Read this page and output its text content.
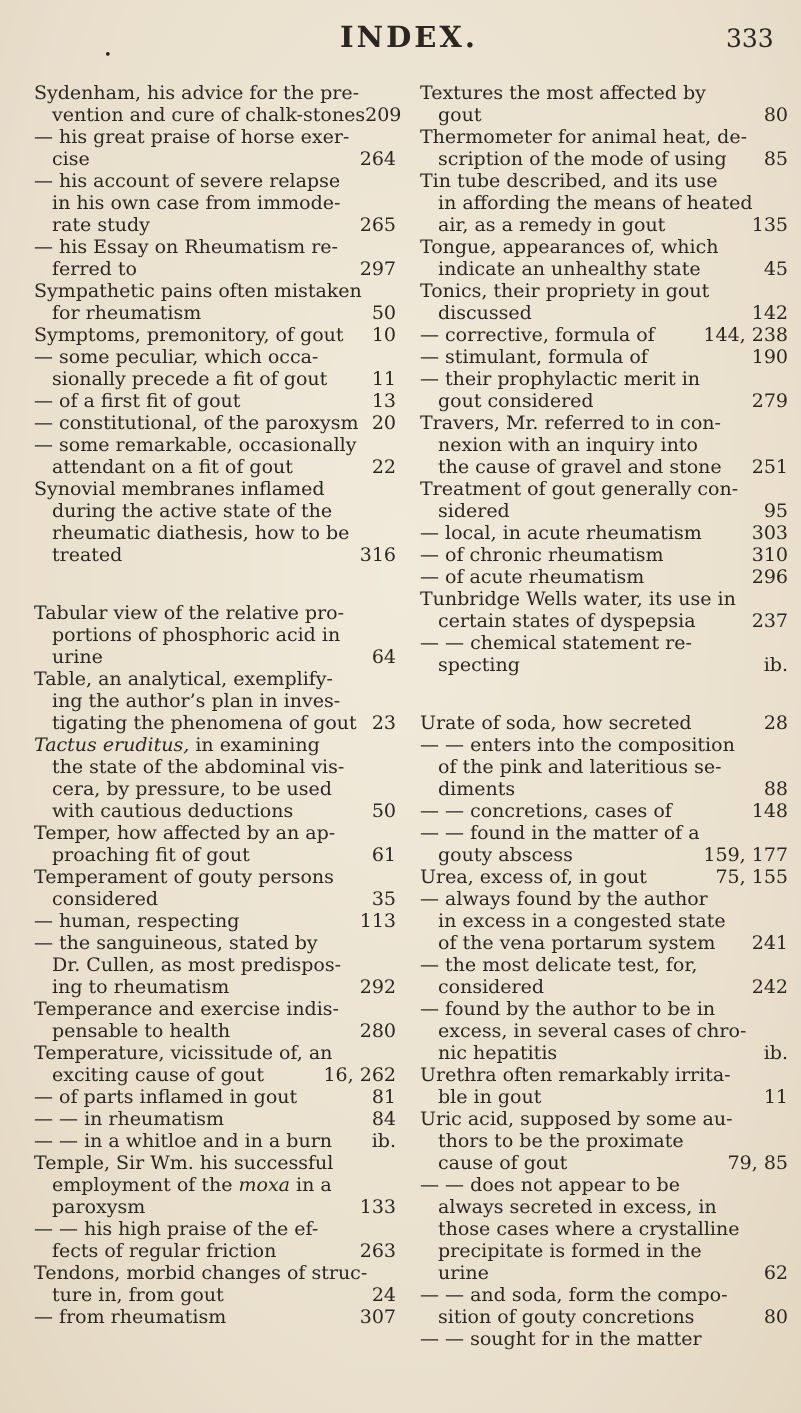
•
INDEX.	333
Sydenham, his advice for the pre-
vention and cure of chalk-stones209
— his great praise of horse exer-
cise	264
— his account of severe relapse
in his own case from immode-
rate study	265
— his Essay on Rheumatism re-
ferred to	297
Sympathetic pains often mistaken
for rheumatism	50
Symptoms, premonitory, of gout 10
— some peculiar, which occa-
sionally precede a fit of gout 11
— of a first fit of gout	13
— constitutional, of the paroxysm 20
— some remarkable, occasionally
attendant on a fit of gout	22
Synovial membranes inflamed
during the active state of the
rheumatic diathesis, how to be
treated	316
Tabular view of the relative pro-
portions of phosphoric acid in
urine	64
Table, an analytical, exemplify-
ing the author’s plan in inves-
tigating the phenomena of gout 23
Tactus eruditus, in examining
the state of the abdominal vis-
cera, by pressure, to be used
with cautious deductions	50
Temper, how affected by an ap-
proaching fit of gout	61
Temperament of gouty persons
considered	35
— human, respecting	113
— the sanguineous, stated by
Dr. Cullen, as most predispos-
ing to rheumatism	292
Temperance and exercise indis-
pensable to health	280
Temperature, vicissitude of, an
exciting cause of gout	16, 262
— of parts inflamed in gout	81
— — in rheumatism	84
— — in a whitloe and in a burn ib.
Temple, Sir Wm. his successful
employment of the moxa in a
paroxysm	133
— — his high praise of the ef-
fects of regular friction	263
Tendons, morbid changes of struc-
ture in, from gout	24
— from rheumatism	307
Textures the most affected by
gout	80
Thermometer for animal heat, de-
scription of the mode of using 85
Tin tube described, and its use
in affording the means of heated
air, as a remedy in gout	135
Tongue, appearances of, which
indicate an unhealthy state	45
Tonics, their propriety in gout
discussed	142
— corrective, formula of	144, 238
— stimulant, formula of	190
— their prophylactic merit in
gout considered	279
Travers, Mr. referred to in con-
nexion with an inquiry into
the cause of gravel and stone 251
Treatment of gout generally con-
sidered	95
— local, in acute rheumatism	303
— of chronic rheumatism	310
— of acute rheumatism	296
Tunbridge Wells water, its use in
certain states of dyspepsia	237
— — chemical statement re-
specting	ib.
Urate of soda, how secreted	28
— — enters into the composition
of the pink and lateritious se-
diments	88
— — concretions, cases of	148
— — found in the matter of a
gouty abscess	159, 177
Urea, excess of, in gout	75, 155
— always found by the author
in excess in a congested state
of the vena portarum system 241
— the most delicate test, for,
considered	242
— found by the author to be in
excess, in several cases of chro-
nic hepatitis	ib.
Urethra often remarkably irrita-
ble in gout	11
Uric acid, supposed by some au-
thors to be the proximate
cause of gout	79, 85
— — does not appear to be
always secreted in excess, in
those cases where a crystalline
precipitate is formed in the
urine	62
— — and soda, form the compo-
sition of gouty concretions	80
— — sought for in the matter
